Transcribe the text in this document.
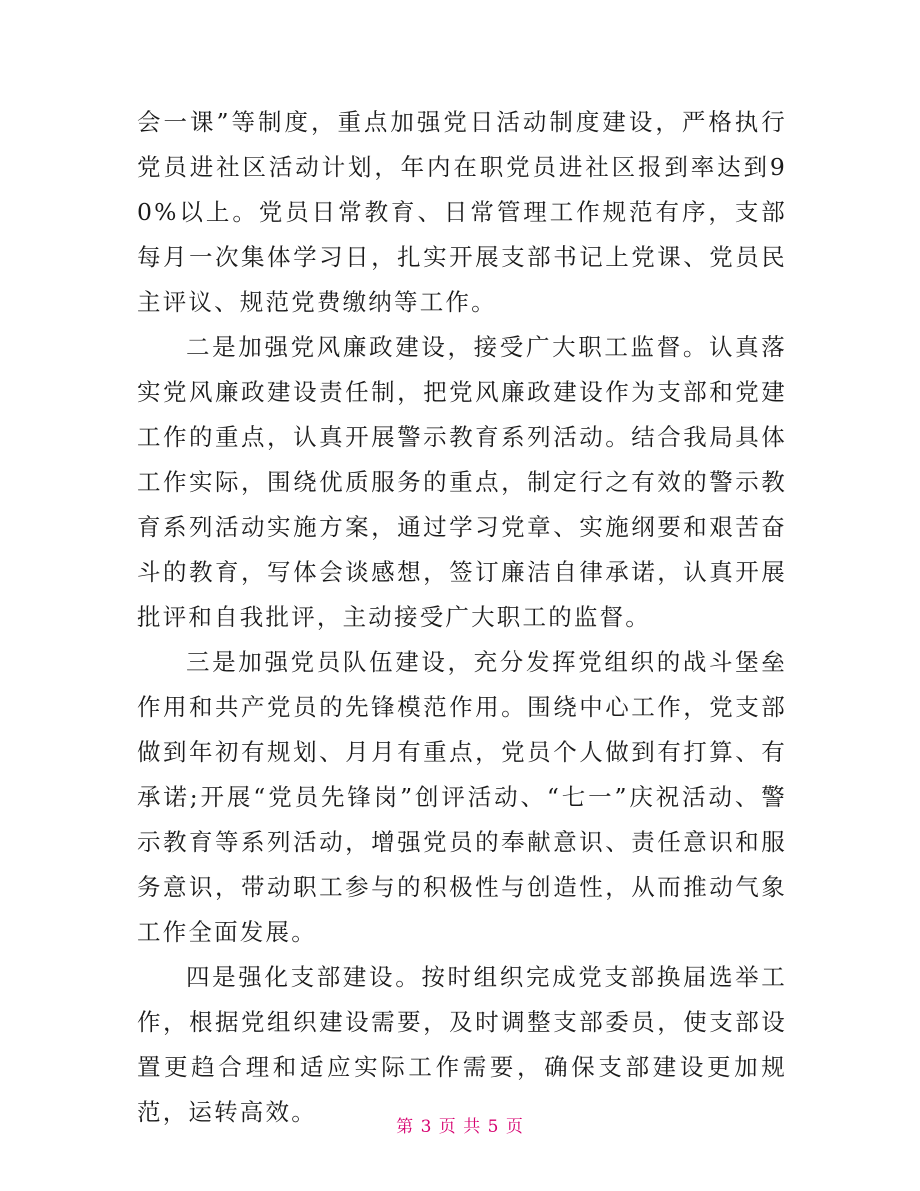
会一课”等制度，重点加强党日活动制度建设，严格执行党员进社区活动计划，年内在职党员进社区报到率达到90%以上。党员日常教育、日常管理工作规范有序，支部每月一次集体学习日，扎实开展支部书记上党课、党员民主评议、规范党费缴纳等工作。

二是加强党风廉政建设，接受广大职工监督。认真落实党风廉政建设责任制，把党风廉政建设作为支部和党建工作的重点，认真开展警示教育系列活动。结合我局具体工作实际，围绕优质服务的重点，制定行之有效的警示教育系列活动实施方案，通过学习党章、实施纲要和艰苦奋斗的教育，写体会谈感想，签订廉洁自律承诺，认真开展批评和自我批评，主动接受广大职工的监督。

三是加强党员队伍建设，充分发挥党组织的战斗堡垒作用和共产党员的先锋模范作用。围绕中心工作，党支部做到年初有规划、月月有重点，党员个人做到有打算、有承诺;开展“党员先锋岗”创评活动、“七一”庆祝活动、警示教育等系列活动，增强党员的奉献意识、责任意识和服务意识，带动职工参与的积极性与创造性，从而推动气象工作全面发展。

四是强化支部建设。按时组织完成党支部换届选举工作，根据党组织建设需要，及时调整支部委员，使支部设置更趋合理和适应实际工作需要，确保支部建设更加规范，运转高效。

第 3 页 共 5 页
